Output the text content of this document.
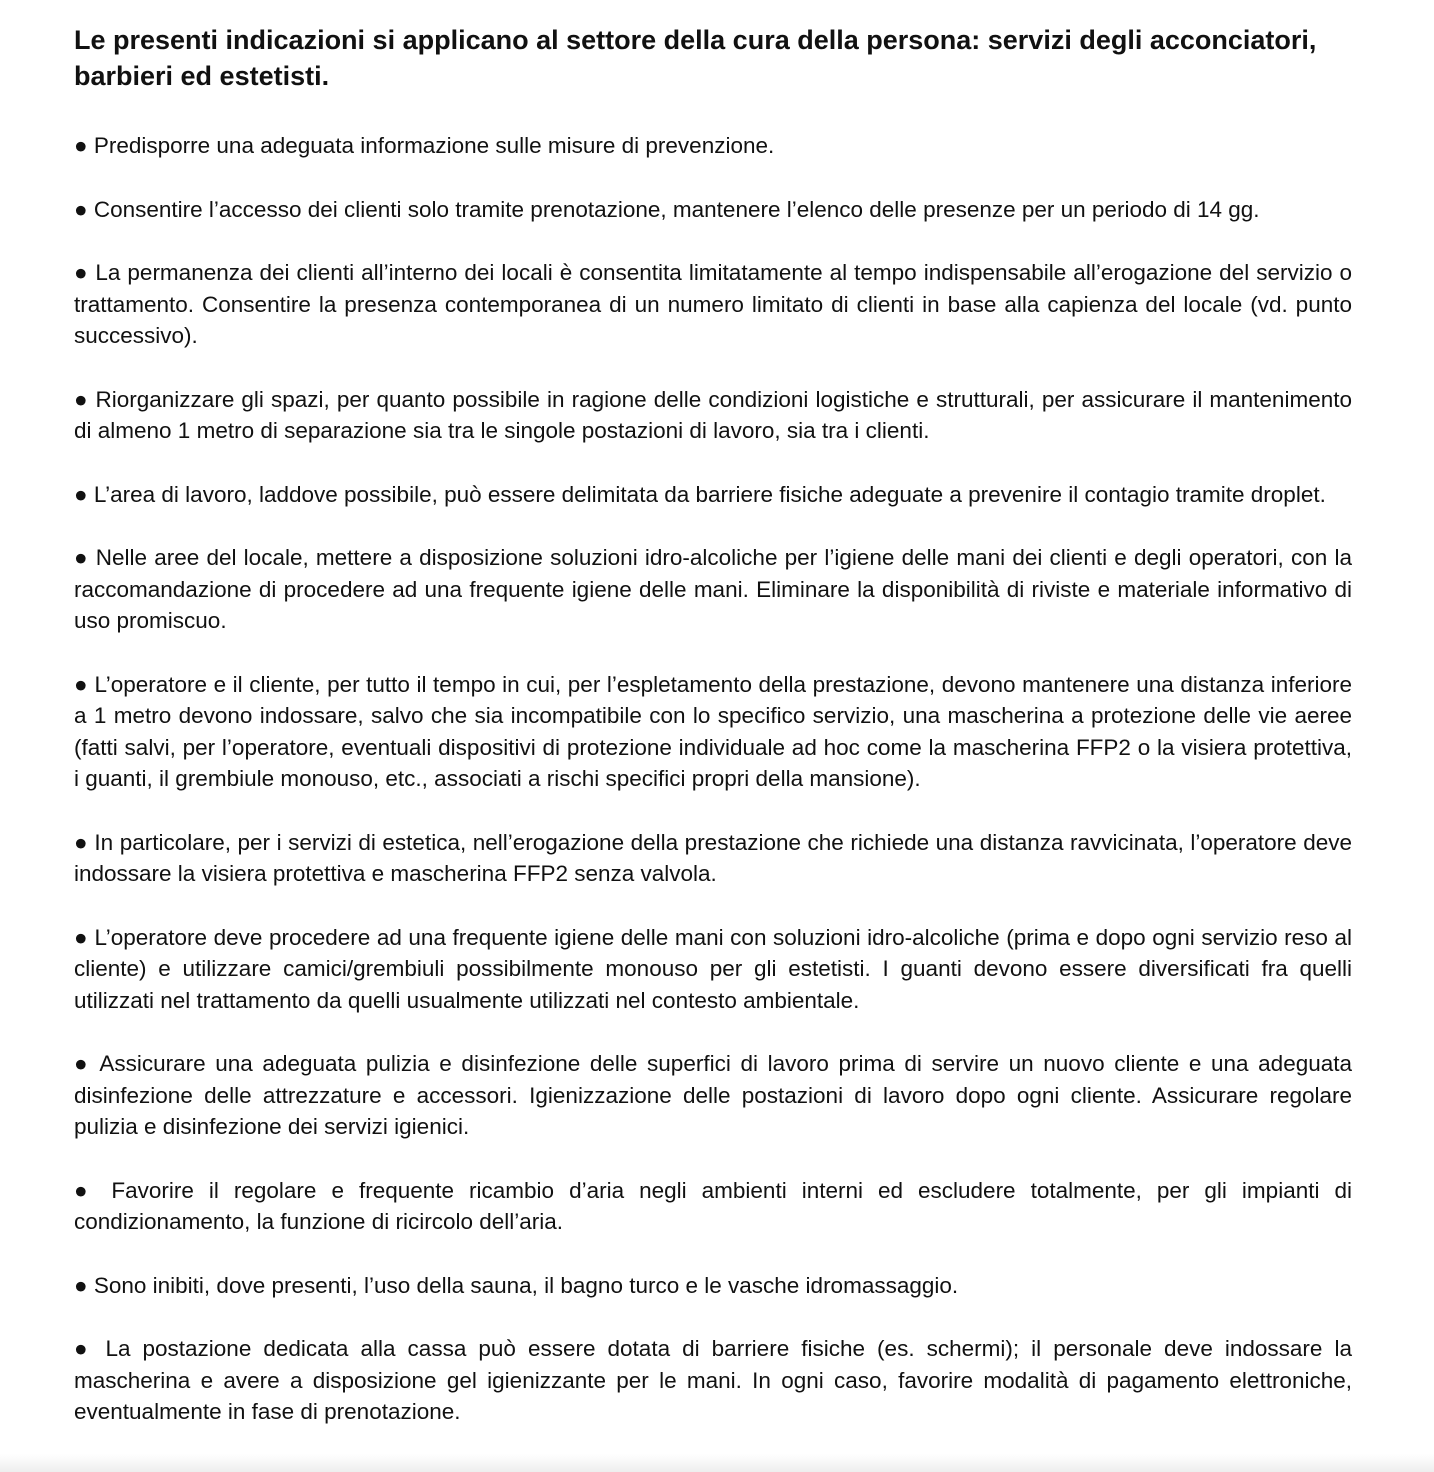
Le presenti indicazioni si applicano al settore della cura della persona: servizi degli acconciatori, barbieri ed estetisti.
● Predisporre una adeguata informazione sulle misure di prevenzione.
● Consentire l’accesso dei clienti solo tramite prenotazione, mantenere l’elenco delle presenze per un periodo di 14 gg.
● La permanenza dei clienti all’interno dei locali è consentita limitatamente al tempo indispensabile all’erogazione del servizio o trattamento. Consentire la presenza contemporanea di un numero limitato di clienti in base alla capienza del locale (vd. punto successivo).
● Riorganizzare gli spazi, per quanto possibile in ragione delle condizioni logistiche e strutturali, per assicurare il mantenimento di almeno 1 metro di separazione sia tra le singole postazioni di lavoro, sia tra i clienti.
● L’area di lavoro, laddove possibile, può essere delimitata da barriere fisiche adeguate a prevenire il contagio tramite droplet.
● Nelle aree del locale, mettere a disposizione soluzioni idro-alcoliche per l’igiene delle mani dei clienti e degli operatori, con la raccomandazione di procedere ad una frequente igiene delle mani. Eliminare la disponibilità di riviste e materiale informativo di uso promiscuo.
● L’operatore e il cliente, per tutto il tempo in cui, per l’espletamento della prestazione, devono mantenere una distanza inferiore a 1 metro devono indossare, salvo che sia incompatibile con lo specifico servizio, una mascherina a protezione delle vie aeree (fatti salvi, per l’operatore, eventuali dispositivi di protezione individuale ad hoc come la mascherina FFP2 o la visiera protettiva, i guanti, il grembiule monouso, etc., associati a rischi specifici propri della mansione).
● In particolare, per i servizi di estetica, nell’erogazione della prestazione che richiede una distanza ravvicinata, l’operatore deve indossare la visiera protettiva e mascherina FFP2 senza valvola.
● L’operatore deve procedere ad una frequente igiene delle mani con soluzioni idro-alcoliche (prima e dopo ogni servizio reso al cliente) e utilizzare camici/grembiuli possibilmente monouso per gli estetisti. I guanti devono essere diversificati fra quelli utilizzati nel trattamento da quelli usualmente utilizzati nel contesto ambientale.
● Assicurare una adeguata pulizia e disinfezione delle superfici di lavoro prima di servire un nuovo cliente e una adeguata disinfezione delle attrezzature e accessori. Igienizzazione delle postazioni di lavoro dopo ogni cliente. Assicurare regolare pulizia e disinfezione dei servizi igienici.
● Favorire il regolare e frequente ricambio d’aria negli ambienti interni ed escludere totalmente, per gli impianti di condizionamento, la funzione di ricircolo dell’aria.
● Sono inibiti, dove presenti, l’uso della sauna, il bagno turco e le vasche idromassaggio.
● La postazione dedicata alla cassa può essere dotata di barriere fisiche (es. schermi); il personale deve indossare la mascherina e avere a disposizione gel igienizzante per le mani. In ogni caso, favorire modalità di pagamento elettroniche, eventualmente in fase di prenotazione.
